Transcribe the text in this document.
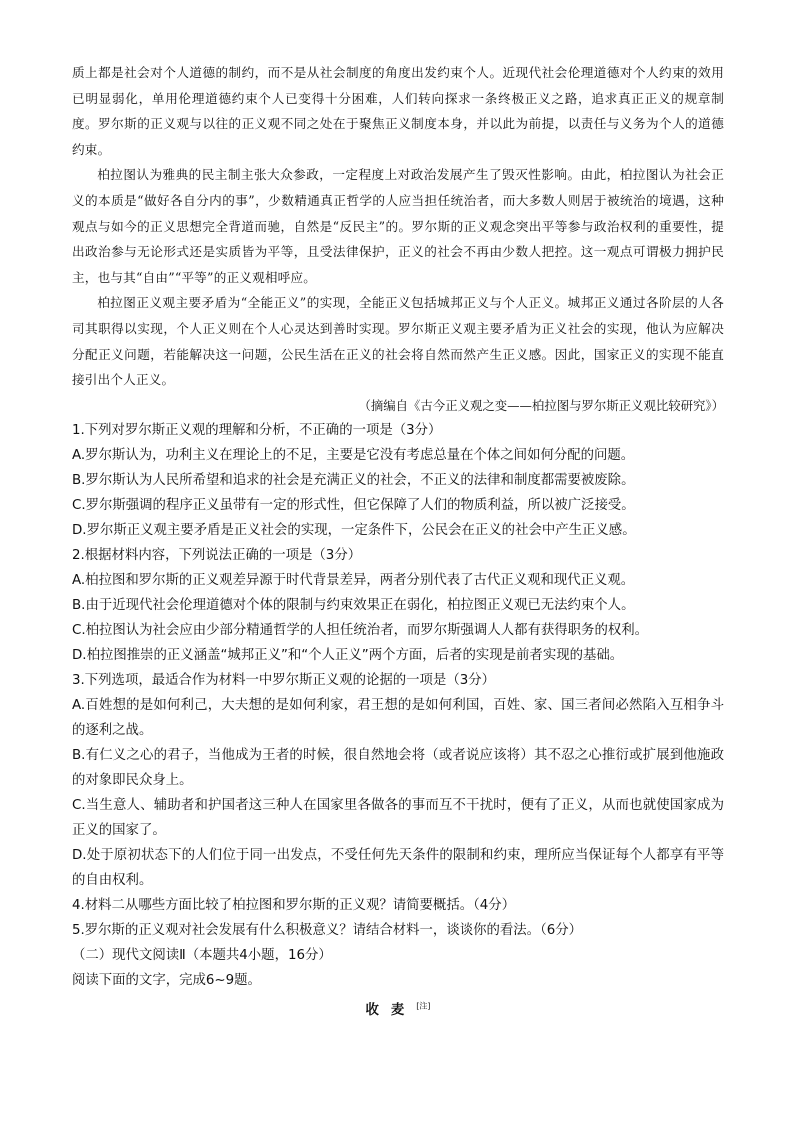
质上都是社会对个人道德的制约，而不是从社会制度的角度出发约束个人。近现代社会伦理道德对个人约束的效用已明显弱化，单用伦理道德约束个人已变得十分困难，人们转向探求一条终极正义之路，追求真正正义的规章制度。罗尔斯的正义观与以往的正义观不同之处在于聚焦正义制度本身，并以此为前提，以责任与义务为个人的道德约束。

柏拉图认为雅典的民主制主张大众参政，一定程度上对政治发展产生了毁灭性影响。由此，柏拉图认为社会正义的本质是“做好各自分内的事”，少数精通真正哲学的人应当担任统治者，而大多数人则居于被统治的境遇，这种观点与如今的正义思想完全背道而驰，自然是“反民主”的。罗尔斯的正义观念突出平等参与政治权利的重要性，提出政治参与无论形式还是实质皆为平等，且受法律保护，正义的社会不再由少数人把控。这一观点可谓极力拥护民主，也与其“自由”“平等”的正义观相呼应。

柏拉图正义观主要矛盾为“全能正义”的实现，全能正义包括城邦正义与个人正义。城邦正义通过各阶层的人各司其职得以实现，个人正义则在个人心灵达到善时实现。罗尔斯正义观主要矛盾为正义社会的实现，他认为应解决分配正义问题，若能解决这一问题，公民生活在正义的社会将自然而然产生正义感。因此，国家正义的实现不能直接引出个人正义。

（摘编自《古今正义观之变——柏拉图与罗尔斯正义观比较研究》）

1.下列对罗尔斯正义观的理解和分析，不正确的一项是（3分）

A.罗尔斯认为，功利主义在理论上的不足，主要是它没有考虑总量在个体之间如何分配的问题。

B.罗尔斯认为人民所希望和追求的社会是充满正义的社会，不正义的法律和制度都需要被废除。

C.罗尔斯强调的程序正义虽带有一定的形式性，但它保障了人们的物质利益，所以被广泛接受。

D.罗尔斯正义观主要矛盾是正义社会的实现，一定条件下，公民会在正义的社会中产生正义感。

2.根据材料内容，下列说法正确的一项是（3分）

A.柏拉图和罗尔斯的正义观差异源于时代背景差异，两者分别代表了古代正义观和现代正义观。

B.由于近现代社会伦理道德对个体的限制与约束效果正在弱化，柏拉图正义观已无法约束个人。

C.柏拉图认为社会应由少部分精通哲学的人担任统治者，而罗尔斯强调人人都有获得职务的权利。

D.柏拉图推崇的正义涵盖“城邦正义”和“个人正义”两个方面，后者的实现是前者实现的基础。

3.下列选项，最适合作为材料一中罗尔斯正义观的论据的一项是（3分）

A.百姓想的是如何利己，大夫想的是如何利家，君王想的是如何利国，百姓、家、国三者间必然陷入互相争斗的逐利之战。

B.有仁义之心的君子，当他成为王者的时候，很自然地会将（或者说应该将）其不忍之心推衍或扩展到他施政的对象即民众身上。

C.当生意人、辅助者和护国者这三种人在国家里各做各的事而互不干扰时，便有了正义，从而也就使国家成为正义的国家了。

D.处于原初状态下的人们位于同一出发点，不受任何先天条件的限制和约束，理所应当保证每个人都享有平等的自由权利。

4.材料二从哪些方面比较了柏拉图和罗尔斯的正义观？请简要概括。（4分）

5.罗尔斯的正义观对社会发展有什么积极意义？请结合材料一，谈谈你的看法。（6分）

（二）现代文阅读Ⅱ（本题共4小题，16分）

阅读下面的文字，完成6~9题。

收麦[注]
